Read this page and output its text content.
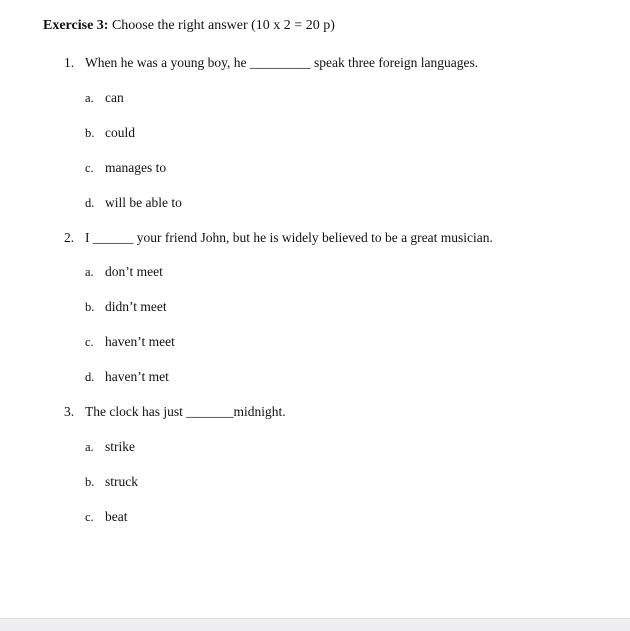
Exercise 3: Choose the right answer (10 x 2 = 20 p)
1. When he was a young boy, he _________ speak three foreign languages.
a. can
b. could
c. manages to
d. will be able to
2. I ______ your friend John, but he is widely believed to be a great musician.
a. don’t meet
b. didn’t meet
c. haven’t meet
d. haven’t met
3. The clock has just _______midnight.
a. strike
b. struck
c. beat
